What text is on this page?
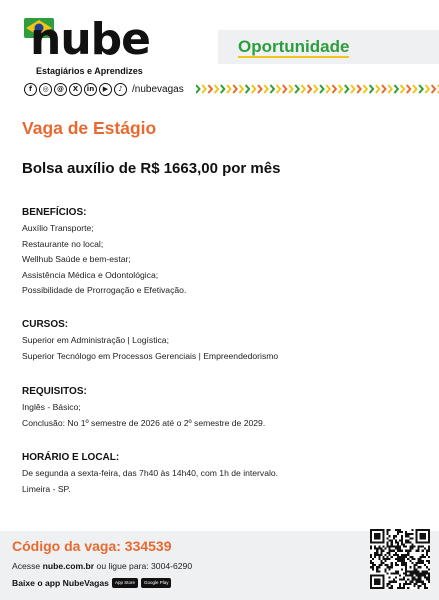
nube
Estagiários e Aprendizes
Oportunidade
f	◎	@	X	in	▶	♪ /nubevagas
Vaga de Estágio
Bolsa auxílio de R$ 1663,00 por mês
BENEFÍCIOS:
Auxílio Transporte;
Restaurante no local;
Wellhub Saúde e bem-estar;
Assistência Médica e Odontológica;
Possibilidade de Prorrogação e Efetivação.
CURSOS:
Superior em Administração | Logística;
Superior Tecnólogo em Processos Gerenciais | Empreendedorismo
REQUISITOS:
Inglês - Básico;
Conclusão: No 1º semestre de 2026 até o 2º semestre de 2029.
HORÁRIO E LOCAL:
De segunda a sexta-feira, das 7h40 às 14h40, com 1h de intervalo.
Limeira - SP.
Código da vaga: 334539
Acesse nube.com.br ou ligue para: 3004-6290
Baixe o app NubeVagas	App Store	Google Play
